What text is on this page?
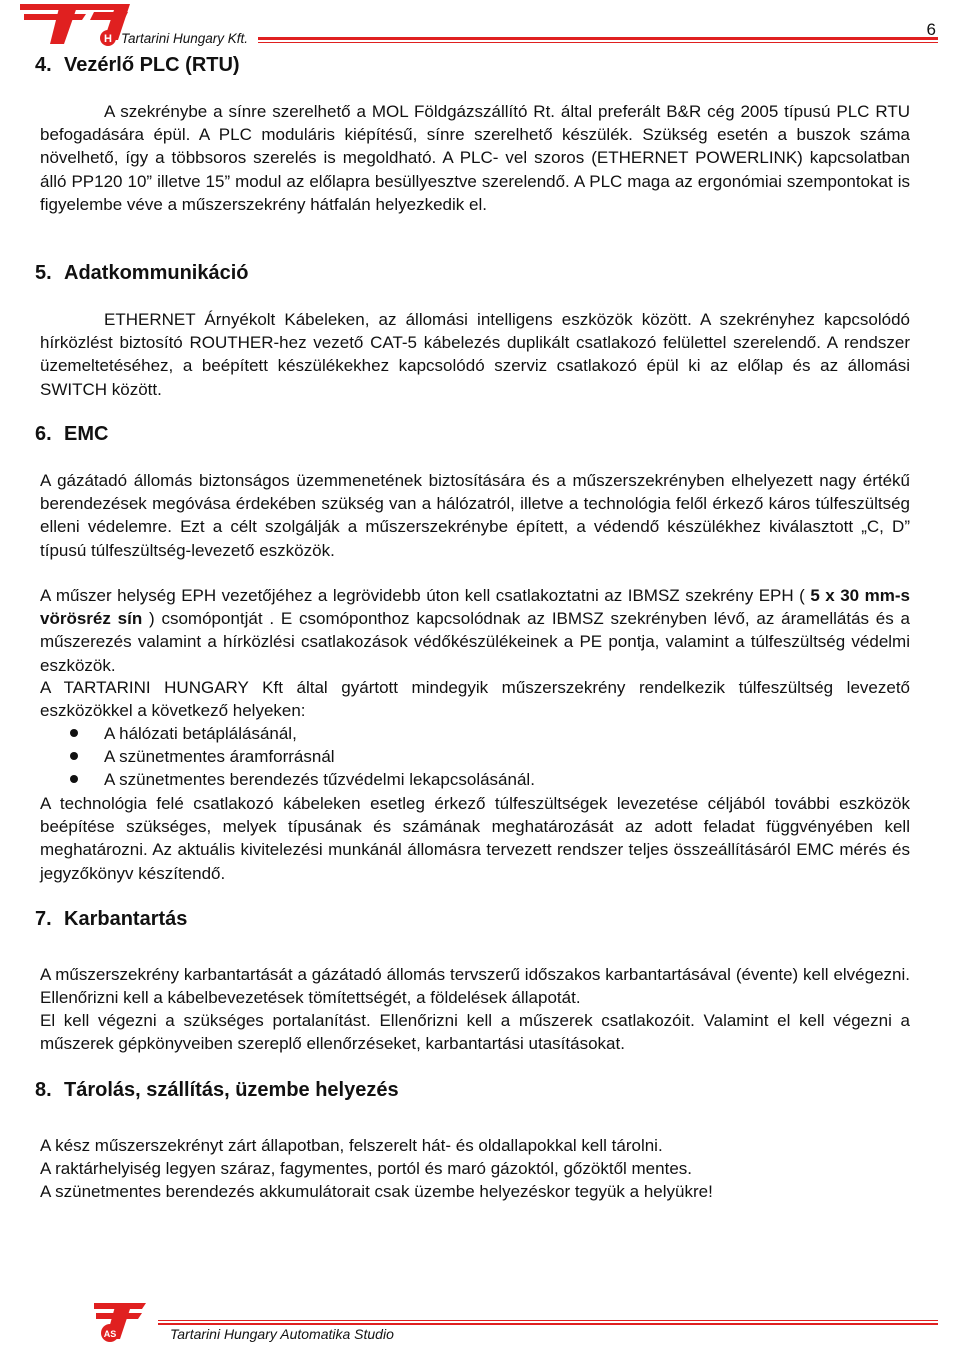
H Tartarini Hungary Kft.	6
4. Vezérlő PLC (RTU)

A szekrénybe a sínre szerelhető a MOL Földgázszállító Rt. által preferált B&R cég 2005 típusú PLC RTU befogadására épül. A PLC moduláris kiépítésű, sínre szerelhető készülék. Szükség esetén a buszok száma növelhető, így a többsoros szerelés is megoldható. A PLC- vel szoros (ETHERNET POWERLINK) kapcsolatban álló PP120 10” illetve 15” modul az előlapra besüllyesztve szerelendő. A PLC maga az ergonómiai szempontokat is figyelembe véve a műszerszekrény hátfalán helyezkedik el.

5. Adatkommunikáció

ETHERNET Árnyékolt Kábeleken, az állomási intelligens eszközök között. A szekrényhez kapcsolódó hírközlést biztosító ROUTHER-hez vezető CAT-5 kábelezés duplikált csatlakozó felülettel szerelendő. A rendszer üzemeltetéséhez, a beépített készülékekhez kapcsolódó szerviz csatlakozó épül ki az előlap és az állomási SWITCH között.

6. EMC

A gázátadó állomás biztonságos üzemmenetének biztosítására és a műszerszekrényben elhelyezett nagy értékű berendezések megóvása érdekében szükség van a hálózatról, illetve a technológia felől érkező káros túlfeszültség elleni védelemre. Ezt a célt szolgálják a műszerszekrénybe épített, a védendő készülékhez kiválasztott „C, D” típusú túlfeszültség-levezető eszközök.

A műszer helység EPH vezetőjéhez a legrövidebb úton kell csatlakoztatni az IBMSZ szekrény EPH ( 5 x 30 mm-s vörösréz sín ) csomópontját . E csomóponthoz kapcsolódnak az IBMSZ szekrényben lévő, az áramellátás és a műszerezés valamint a hírközlési csatlakozások védőkészülékeinek a PE pontja, valamint a túlfeszültség védelmi eszközök.

A TARTARINI HUNGARY Kft által gyártott mindegyik műszerszekrény rendelkezik túlfeszültség levezető eszközökkel a következő helyeken:

A hálózati betáplálásánál,
A szünetmentes áramforrásnál
A szünetmentes berendezés tűzvédelmi lekapcsolásánál.

A technológia felé csatlakozó kábeleken esetleg érkező túlfeszültségek levezetése céljából további eszközök beépítése szükséges, melyek típusának és számának meghatározását az adott feladat függvényében kell meghatározni. Az aktuális kivitelezési munkánál állomásra tervezett rendszer teljes összeállításáról EMC mérés és jegyzőkönyv készítendő.

7. Karbantartás

A műszerszekrény karbantartását a gázátadó állomás tervszerű időszakos karbantartásával (évente) kell elvégezni. Ellenőrizni kell a kábelbevezetések tömítettségét, a földelések állapotát.

El kell végezni a szükséges portalanítást. Ellenőrizni kell a műszerek csatlakozóit. Valamint el kell végezni a műszerek gépkönyveiben szereplő ellenőrzéseket, karbantartási utasításokat.

8. Tárolás, szállítás, üzembe helyezés

A kész műszerszekrényt zárt állapotban, felszerelt hát- és oldallapokkal kell tárolni.

A raktárhelyiség legyen száraz, fagymentes, portól és maró gázoktól, gőzöktől mentes.

A szünetmentes berendezés akkumulátorait csak üzembe helyezéskor tegyük a helyükre!

AS	Tartarini Hungary Automatika Studio
